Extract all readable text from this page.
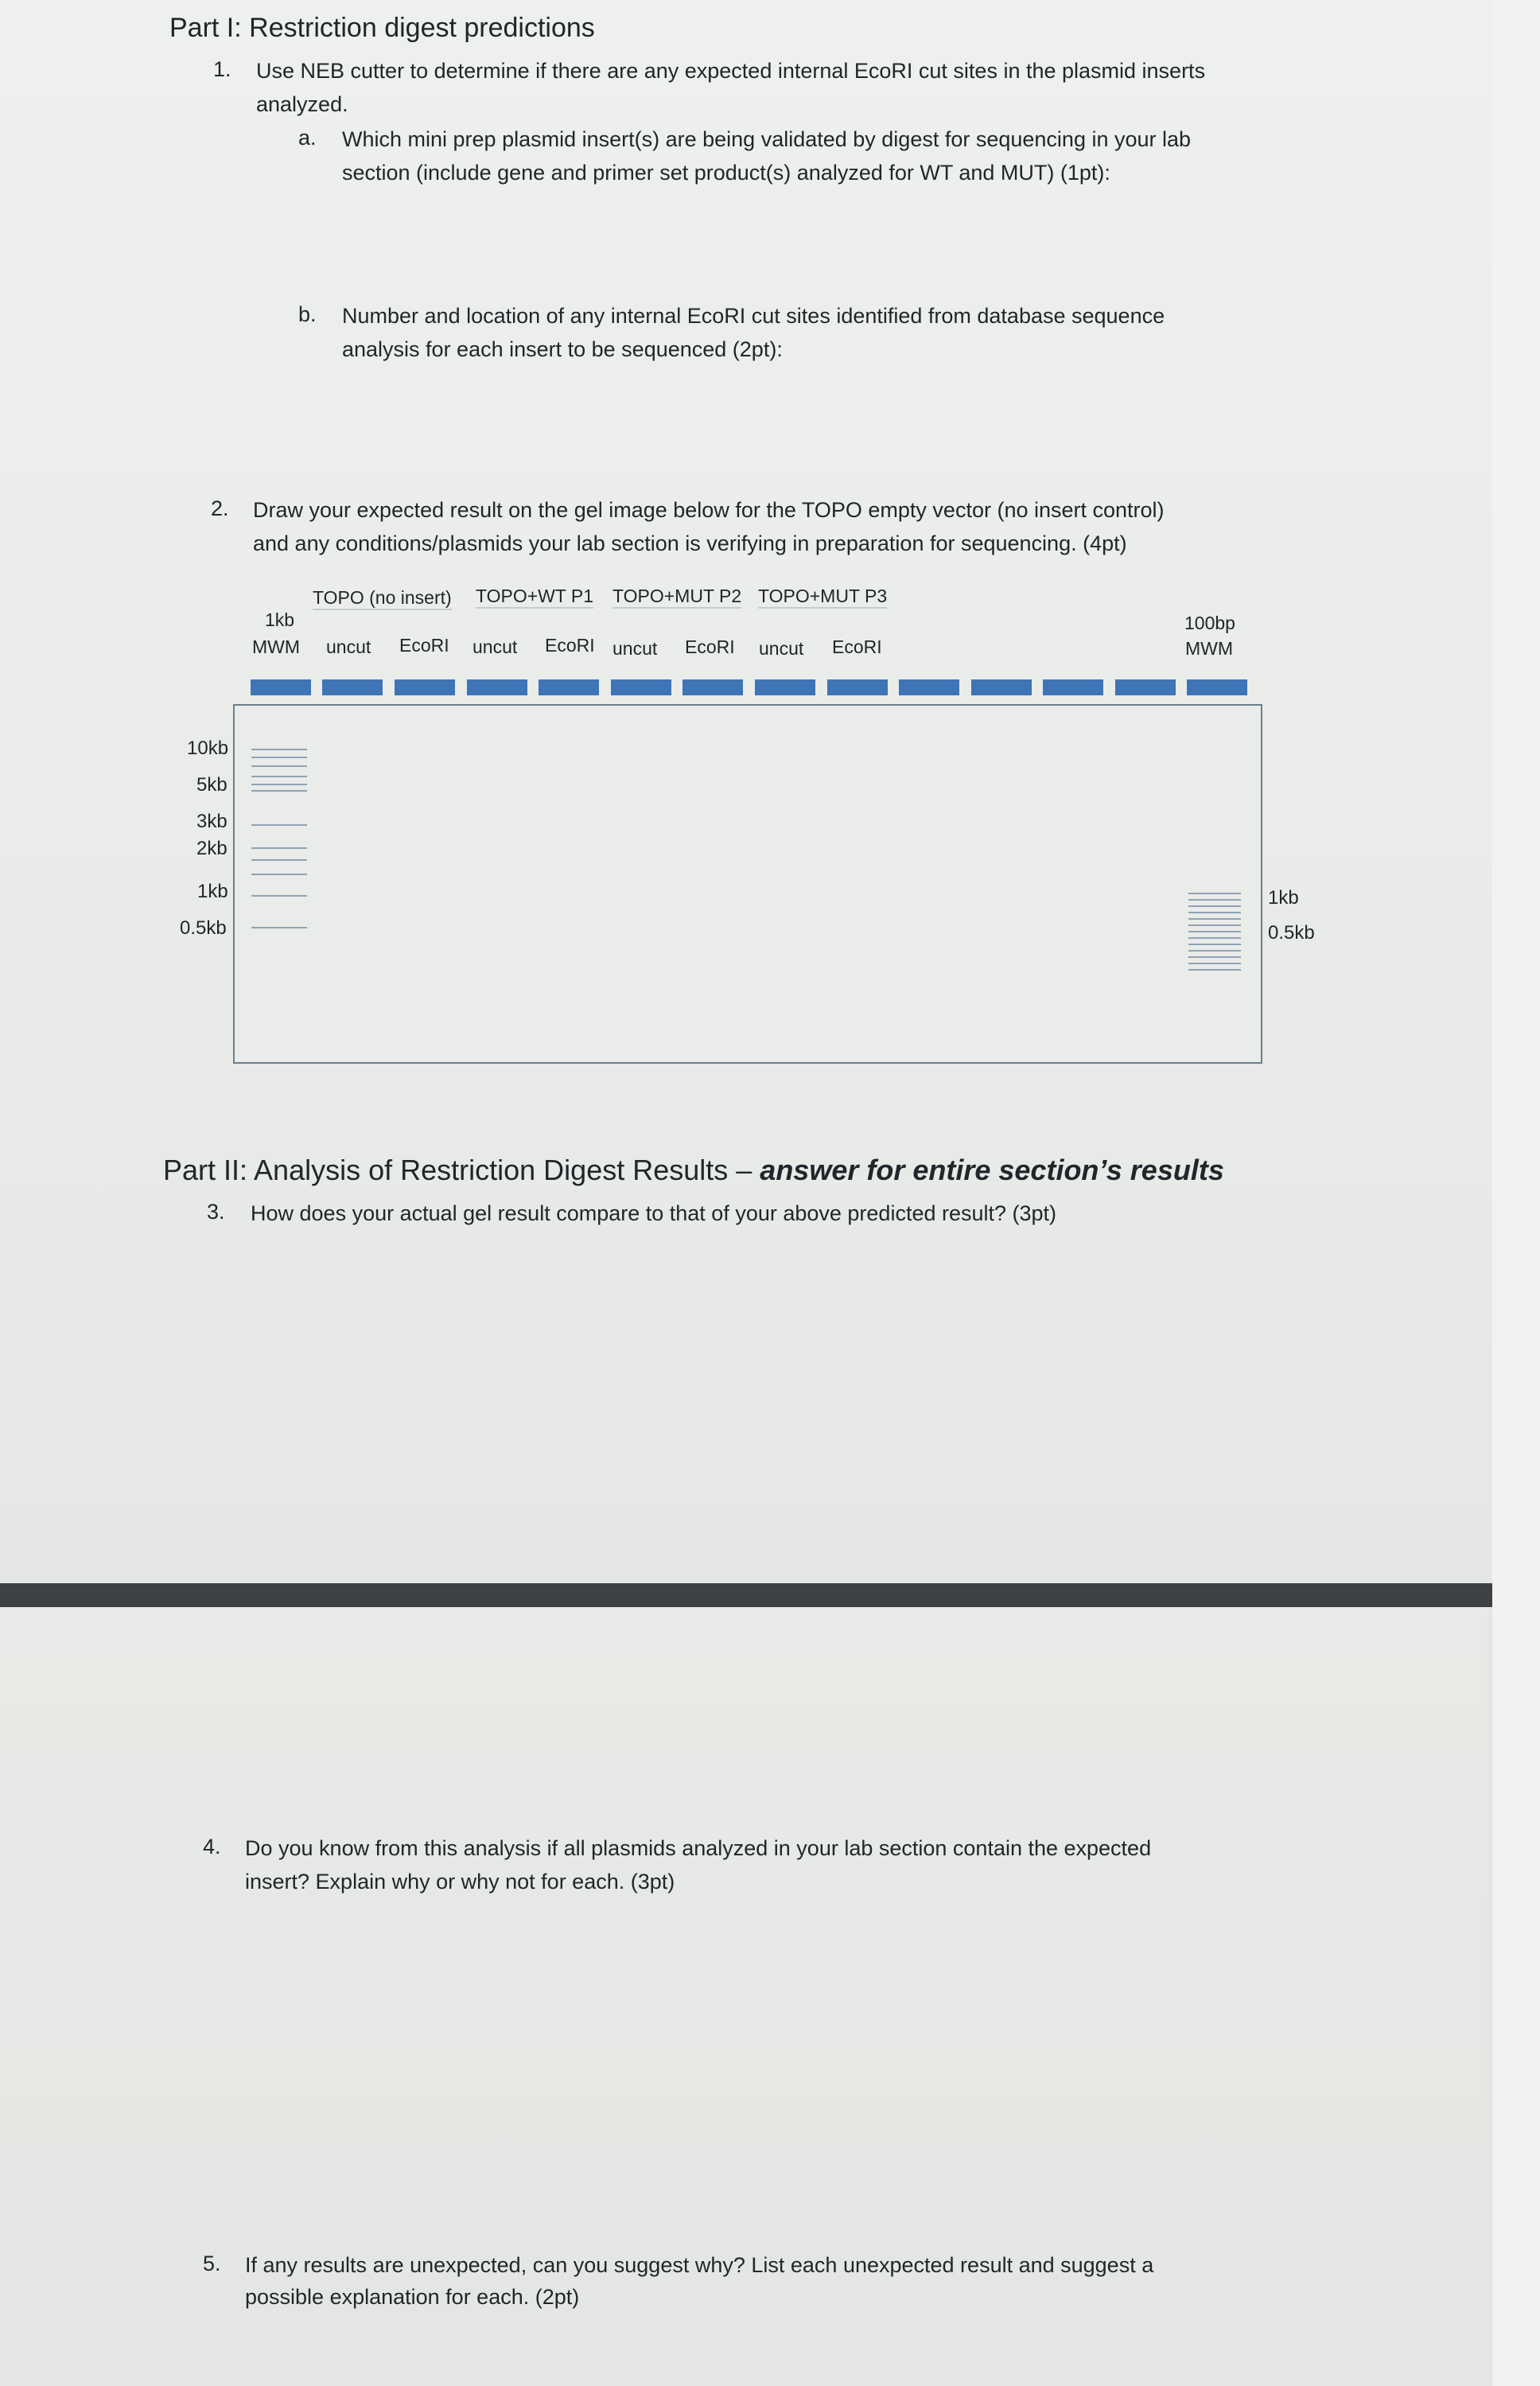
Part I: Restriction digest predictions
1. Use NEB cutter to determine if there are any expected internal EcoRI cut sites in the plasmid inserts
analyzed.
a. Which mini prep plasmid insert(s) are being validated by digest for sequencing in your lab
section (include gene and primer set product(s) analyzed for WT and MUT) (1pt):
b. Number and location of any internal EcoRI cut sites identified from database sequence
analysis for each insert to be sequenced (2pt):
2. Draw your expected result on the gel image below for the TOPO empty vector (no insert control)
and any conditions/plasmids your lab section is verifying in preparation for sequencing. (4pt)
TOPO (no insert) TOPO+WT P1 TOPO+MUT P2 TOPO+MUT P3
1kb
MWM uncut EcoRI uncut EcoRI uncut EcoRI uncut EcoRI
100bp
MWM
10kb
5kb
3kb
2kb
1kb
0.5kb
1kb
0.5kb
Part II: Analysis of Restriction Digest Results – answer for entire section’s results
3. How does your actual gel result compare to that of your above predicted result? (3pt)
4. Do you know from this analysis if all plasmids analyzed in your lab section contain the expected
insert? Explain why or why not for each. (3pt)
5. If any results are unexpected, can you suggest why? List each unexpected result and suggest a
possible explanation for each. (2pt)
